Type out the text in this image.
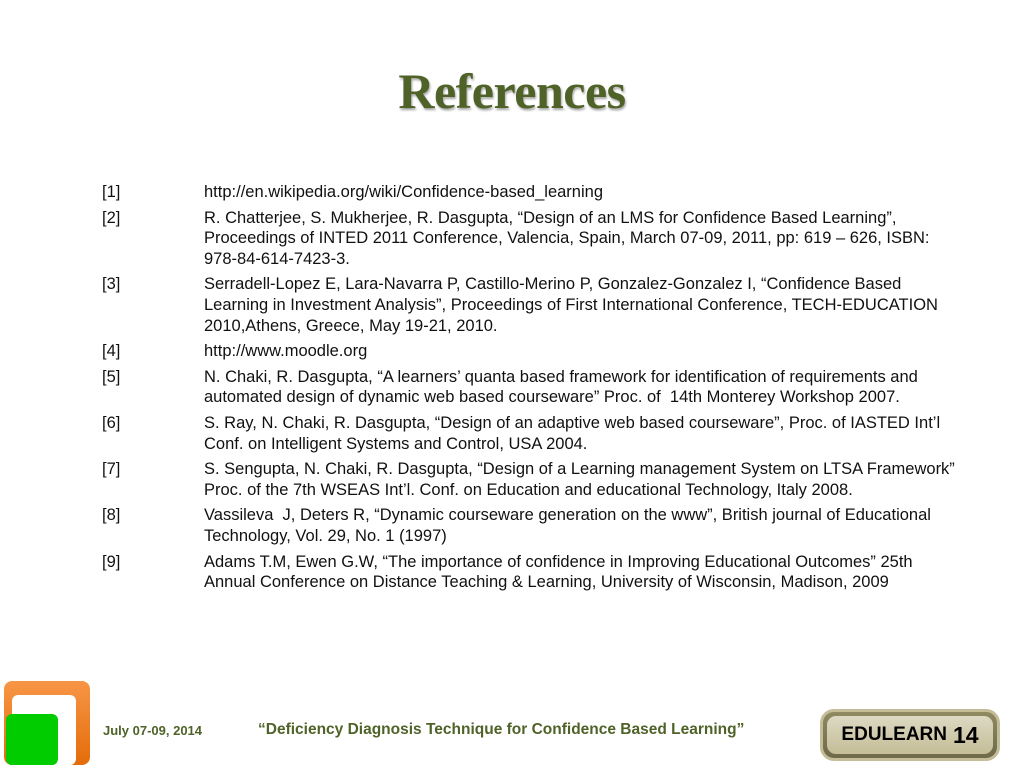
References
[1]	http://en.wikipedia.org/wiki/Confidence-based_learning
[2]	R. Chatterjee, S. Mukherjee, R. Dasgupta, “Design of an LMS for Confidence Based Learning”, Proceedings of INTED 2011 Conference, Valencia, Spain, March 07-09, 2011, pp: 619 – 626, ISBN: 978-84-614-7423-3.
[3]	Serradell-Lopez E, Lara-Navarra P, Castillo-Merino P, Gonzalez-Gonzalez I, “Confidence Based Learning in Investment Analysis”, Proceedings of First International Conference, TECH-EDUCATION 2010,Athens, Greece, May 19-21, 2010.
[4]	http://www.moodle.org
[5]	N. Chaki, R. Dasgupta, “A learners’ quanta based framework for identification of requirements and automated design of dynamic web based courseware” Proc. of  14th Monterey Workshop 2007.
[6]	S. Ray, N. Chaki, R. Dasgupta, “Design of an adaptive web based courseware”, Proc. of IASTED Int’l Conf. on Intelligent Systems and Control, USA 2004.
[7]	S. Sengupta, N. Chaki, R. Dasgupta, “Design of a Learning management System on LTSA Framework” Proc. of the 7th WSEAS Int’l. Conf. on Education and educational Technology, Italy 2008.
[8]	Vassileva  J, Deters R, “Dynamic courseware generation on the www”, British journal of Educational Technology, Vol. 29, No. 1 (1997)
[9]	Adams T.M, Ewen G.W, “The importance of confidence in Improving Educational Outcomes” 25th Annual Conference on Distance Teaching & Learning, University of Wisconsin, Madison, 2009
July 07-09, 2014	“Deficiency Diagnosis Technique for Confidence Based Learning”	EDULEARN 14
